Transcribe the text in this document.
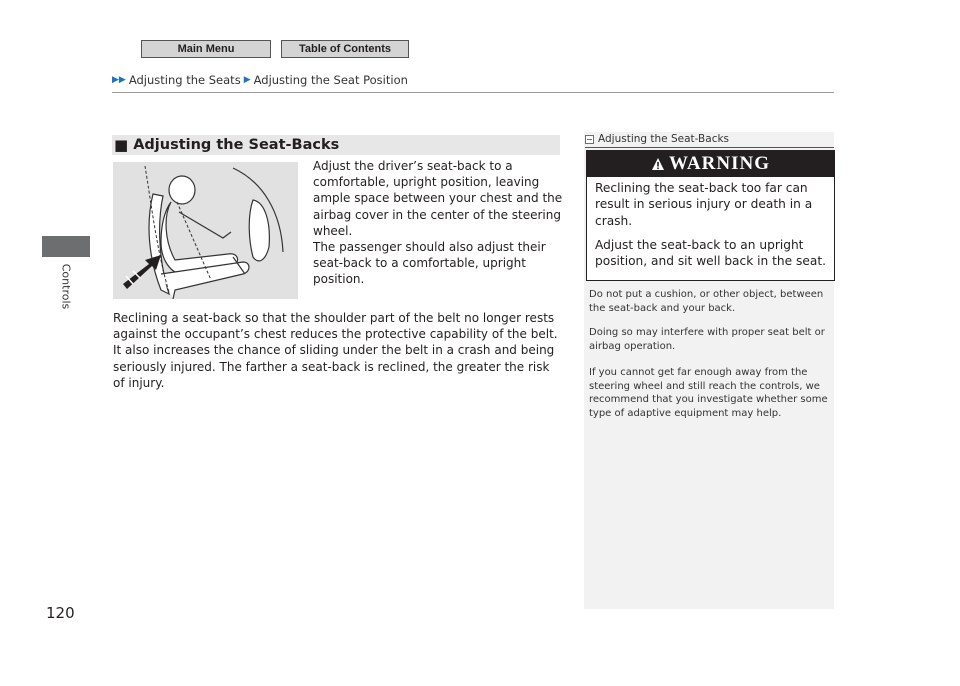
Main Menu	Table of Contents
▶▶ Adjusting the Seats ▶ Adjusting the Seat Position
Controls
■ Adjusting the Seat-Backs
Adjust the driver’s seat-back to a comfortable, upright position, leaving ample space between your chest and the airbag cover in the center of the steering wheel.
The passenger should also adjust their seat-back to a comfortable, upright position.
Reclining a seat-back so that the shoulder part of the belt no longer rests against the occupant’s chest reduces the protective capability of the belt. It also increases the chance of sliding under the belt in a crash and being seriously injured. The farther a seat-back is reclined, the greater the risk of injury.
Adjusting the Seat-Backs
WARNING

Reclining the seat-back too far can result in serious injury or death in a crash.

Adjust the seat-back to an upright position, and sit well back in the seat.

Do not put a cushion, or other object, between the seat-back and your back.
Doing so may interfere with proper seat belt or airbag operation.
If you cannot get far enough away from the steering wheel and still reach the controls, we recommend that you investigate whether some type of adaptive equipment may help.
120
